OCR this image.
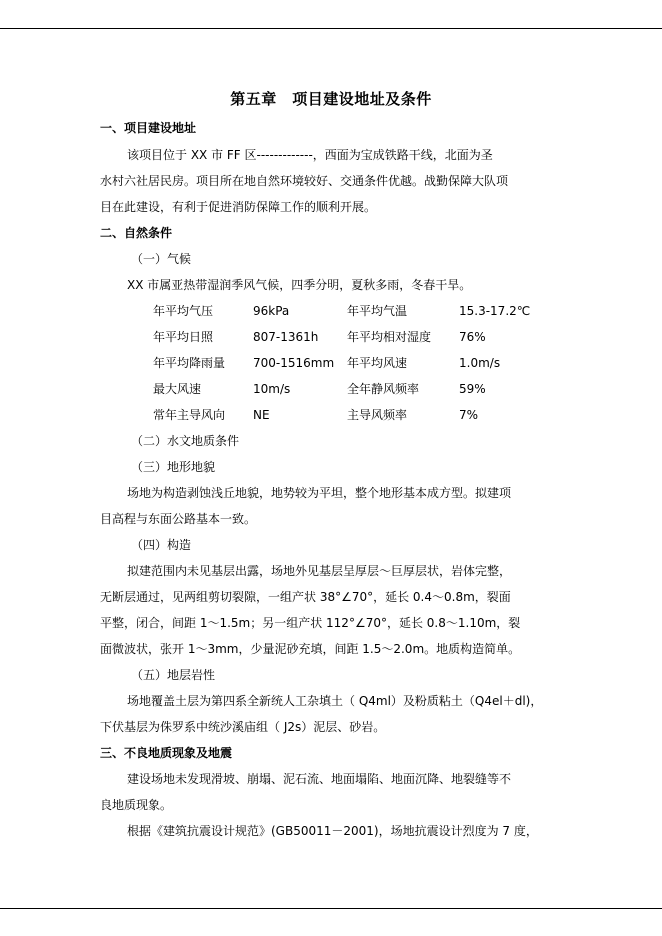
第五章　项目建设地址及条件
一、项目建设地址
该项目位于 XX 市 FF 区-------------，西面为宝成铁路干线，北面为圣
水村六社居民房。项目所在地自然环境较好、交通条件优越。战勤保障大队项
目在此建设，有利于促进消防保障工作的顺利开展。
二、自然条件
（一）气候
XX 市属亚热带湿润季风气候，四季分明，夏秋多雨，冬春干旱。
年平均气压	96kPa	年平均气温	15.3-17.2℃
年平均日照	807-1361h 年平均相对湿度 76%
年平均降雨量 700-1516mm 年平均风速	1.0m/s
最大风速	10m/s	全年静风频率	59%
常年主导风向 NE	主导风频率	7%
（二）水文地质条件
（三）地形地貌
场地为构造剥蚀浅丘地貌，地势较为平坦，整个地形基本成方型。拟建项
目高程与东面公路基本一致。
（四）构造
拟建范围内未见基层出露，场地外见基层呈厚层～巨厚层状，岩体完整，
无断层通过，见两组剪切裂隙，一组产状 38°∠70°，延长 0.4～0.8m，裂面
平整，闭合，间距 1～1.5m；另一组产状 112°∠70°，延长 0.8～1.10m，裂
面微波状，张开 1～3mm，少量泥砂充填，间距 1.5～2.0m。地质构造简单。
（五）地层岩性
场地覆盖土层为第四系全新统人工杂填土（ Q4ml）及粉质粘土（Q4el＋dl)，
下伏基层为侏罗系中统沙溪庙组（ J2s）泥层、砂岩。
三、不良地质现象及地震
建设场地未发现滑坡、崩塌、泥石流、地面塌陷、地面沉降、地裂缝等不
良地质现象。
根据《建筑抗震设计规范》(GB50011－2001)，场地抗震设计烈度为 7 度，
